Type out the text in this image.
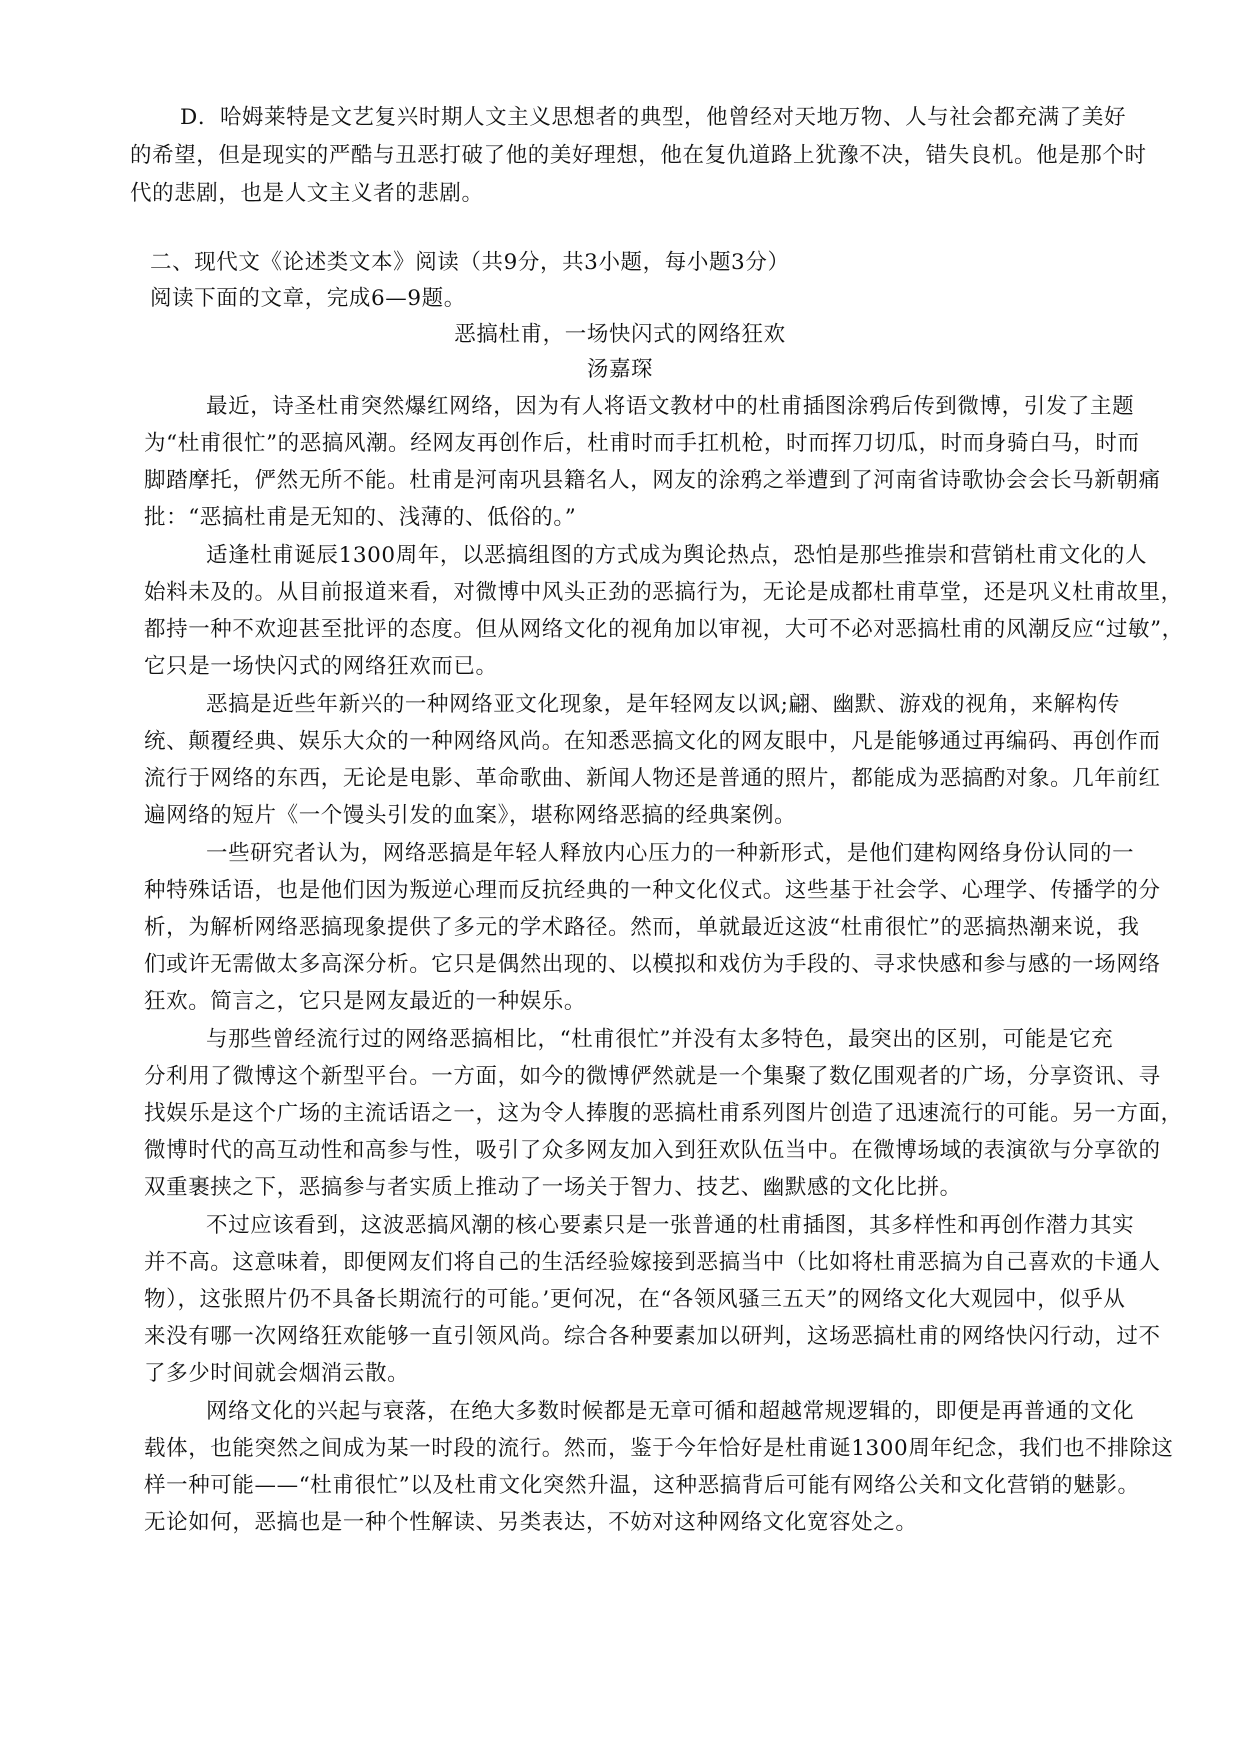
D．哈姆莱特是文艺复兴时期人文主义思想者的典型，他曾经对天地万物、人与社会都充满了美好
的希望，但是现实的严酷与丑恶打破了他的美好理想，他在复仇道路上犹豫不决，错失良机。他是那个时
代的悲剧，也是人文主义者的悲剧。
二、现代文《论述类文本》阅读（共9分，共3小题，每小题3分）
阅读下面的文章，完成6—9题。
恶搞杜甫，一场快闪式的网络狂欢
汤嘉琛
最近，诗圣杜甫突然爆红网络，因为有人将语文教材中的杜甫插图涂鸦后传到微博，引发了主题
为“杜甫很忙”的恶搞风潮。经网友再创作后，杜甫时而手扛机枪，时而挥刀切瓜，时而身骑白马，时而
脚踏摩托，俨然无所不能。杜甫是河南巩县籍名人，网友的涂鸦之举遭到了河南省诗歌协会会长马新朝痛
批：“恶搞杜甫是无知的、浅薄的、低俗的。”
适逢杜甫诞辰1300周年，以恶搞组图的方式成为舆论热点，恐怕是那些推崇和营销杜甫文化的人
始料未及的。从目前报道来看，对微博中风头正劲的恶搞行为，无论是成都杜甫草堂，还是巩义杜甫故里，
都持一种不欢迎甚至批评的态度。但从网络文化的视角加以审视，大可不必对恶搞杜甫的风潮反应“过敏”，
它只是一场快闪式的网络狂欢而已。
恶搞是近些年新兴的一种网络亚文化现象，是年轻网友以讽;翩、幽默、游戏的视角，来解构传
统、颠覆经典、娱乐大众的一种网络风尚。在知悉恶搞文化的网友眼中，凡是能够通过再编码、再创作而
流行于网络的东西，无论是电影、革命歌曲、新闻人物还是普通的照片，都能成为恶搞酌对象。几年前红
遍网络的短片《一个馒头引发的血案》，堪称网络恶搞的经典案例。
一些研究者认为，网络恶搞是年轻人释放内心压力的一种新形式，是他们建构网络身份认同的一
种特殊话语，也是他们因为叛逆心理而反抗经典的一种文化仪式。这些基于社会学、心理学、传播学的分
析，为解析网络恶搞现象提供了多元的学术路径。然而，单就最近这波“杜甫很忙”的恶搞热潮来说，我
们或许无需做太多高深分析。它只是偶然出现的、以模拟和戏仿为手段的、寻求快感和参与感的一场网络
狂欢。简言之，它只是网友最近的一种娱乐。
与那些曾经流行过的网络恶搞相比，“杜甫很忙”并没有太多特色，最突出的区别，可能是它充
分利用了微博这个新型平台。一方面，如今的微博俨然就是一个集聚了数亿围观者的广场，分享资讯、寻
找娱乐是这个广场的主流话语之一，这为令人捧腹的恶搞杜甫系列图片创造了迅速流行的可能。另一方面，
微博时代的高互动性和高参与性，吸引了众多网友加入到狂欢队伍当中。在微博场域的表演欲与分享欲的
双重裹挟之下，恶搞参与者实质上推动了一场关于智力、技艺、幽默感的文化比拼。
不过应该看到，这波恶搞风潮的核心要素只是一张普通的杜甫插图，其多样性和再创作潜力其实
并不高。这意味着，即便网友们将自己的生活经验嫁接到恶搞当中（比如将杜甫恶搞为自己喜欢的卡通人
物），这张照片仍不具备长期流行的可能。’更何况，在“各领风骚三五天”的网络文化大观园中，似乎从
来没有哪一次网络狂欢能够一直引领风尚。综合各种要素加以研判，这场恶搞杜甫的网络快闪行动，过不
了多少时间就会烟消云散。
网络文化的兴起与衰落，在绝大多数时候都是无章可循和超越常规逻辑的，即便是再普通的文化
载体，也能突然之间成为某一时段的流行。然而，鉴于今年恰好是杜甫诞1300周年纪念，我们也不排除这
样一种可能——“杜甫很忙”以及杜甫文化突然升温，这种恶搞背后可能有网络公关和文化营销的魅影。
无论如何，恶搞也是一种个性解读、另类表达，不妨对这种网络文化宽容处之。
